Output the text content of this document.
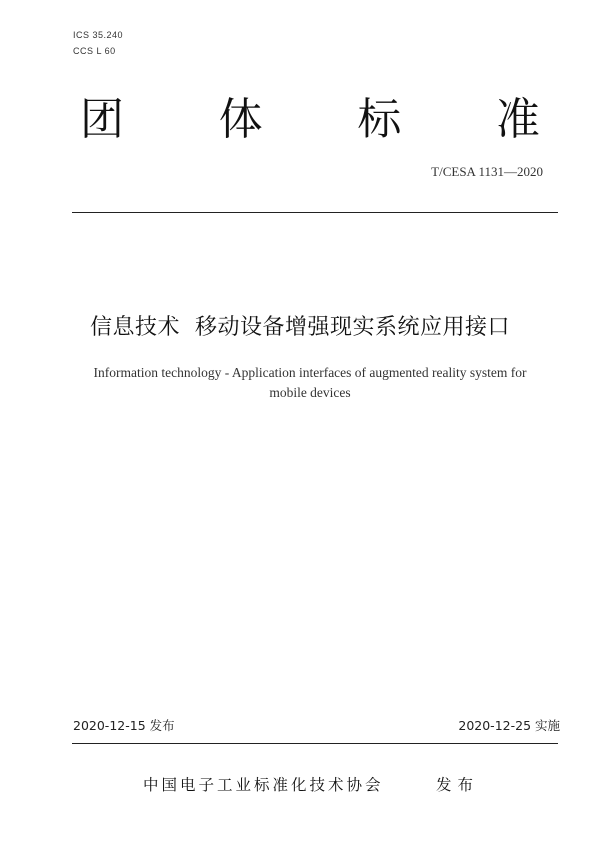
ICS 35.240
CCS L 60
团 体 标 准
T/CESA 1131—2020
信息技术  移动设备增强现实系统应用接口
Information technology - Application interfaces of augmented reality system for
mobile devices
2020-12-15 发布	2020-12-25 实施
中国电子工业标准化技术协会	发布
